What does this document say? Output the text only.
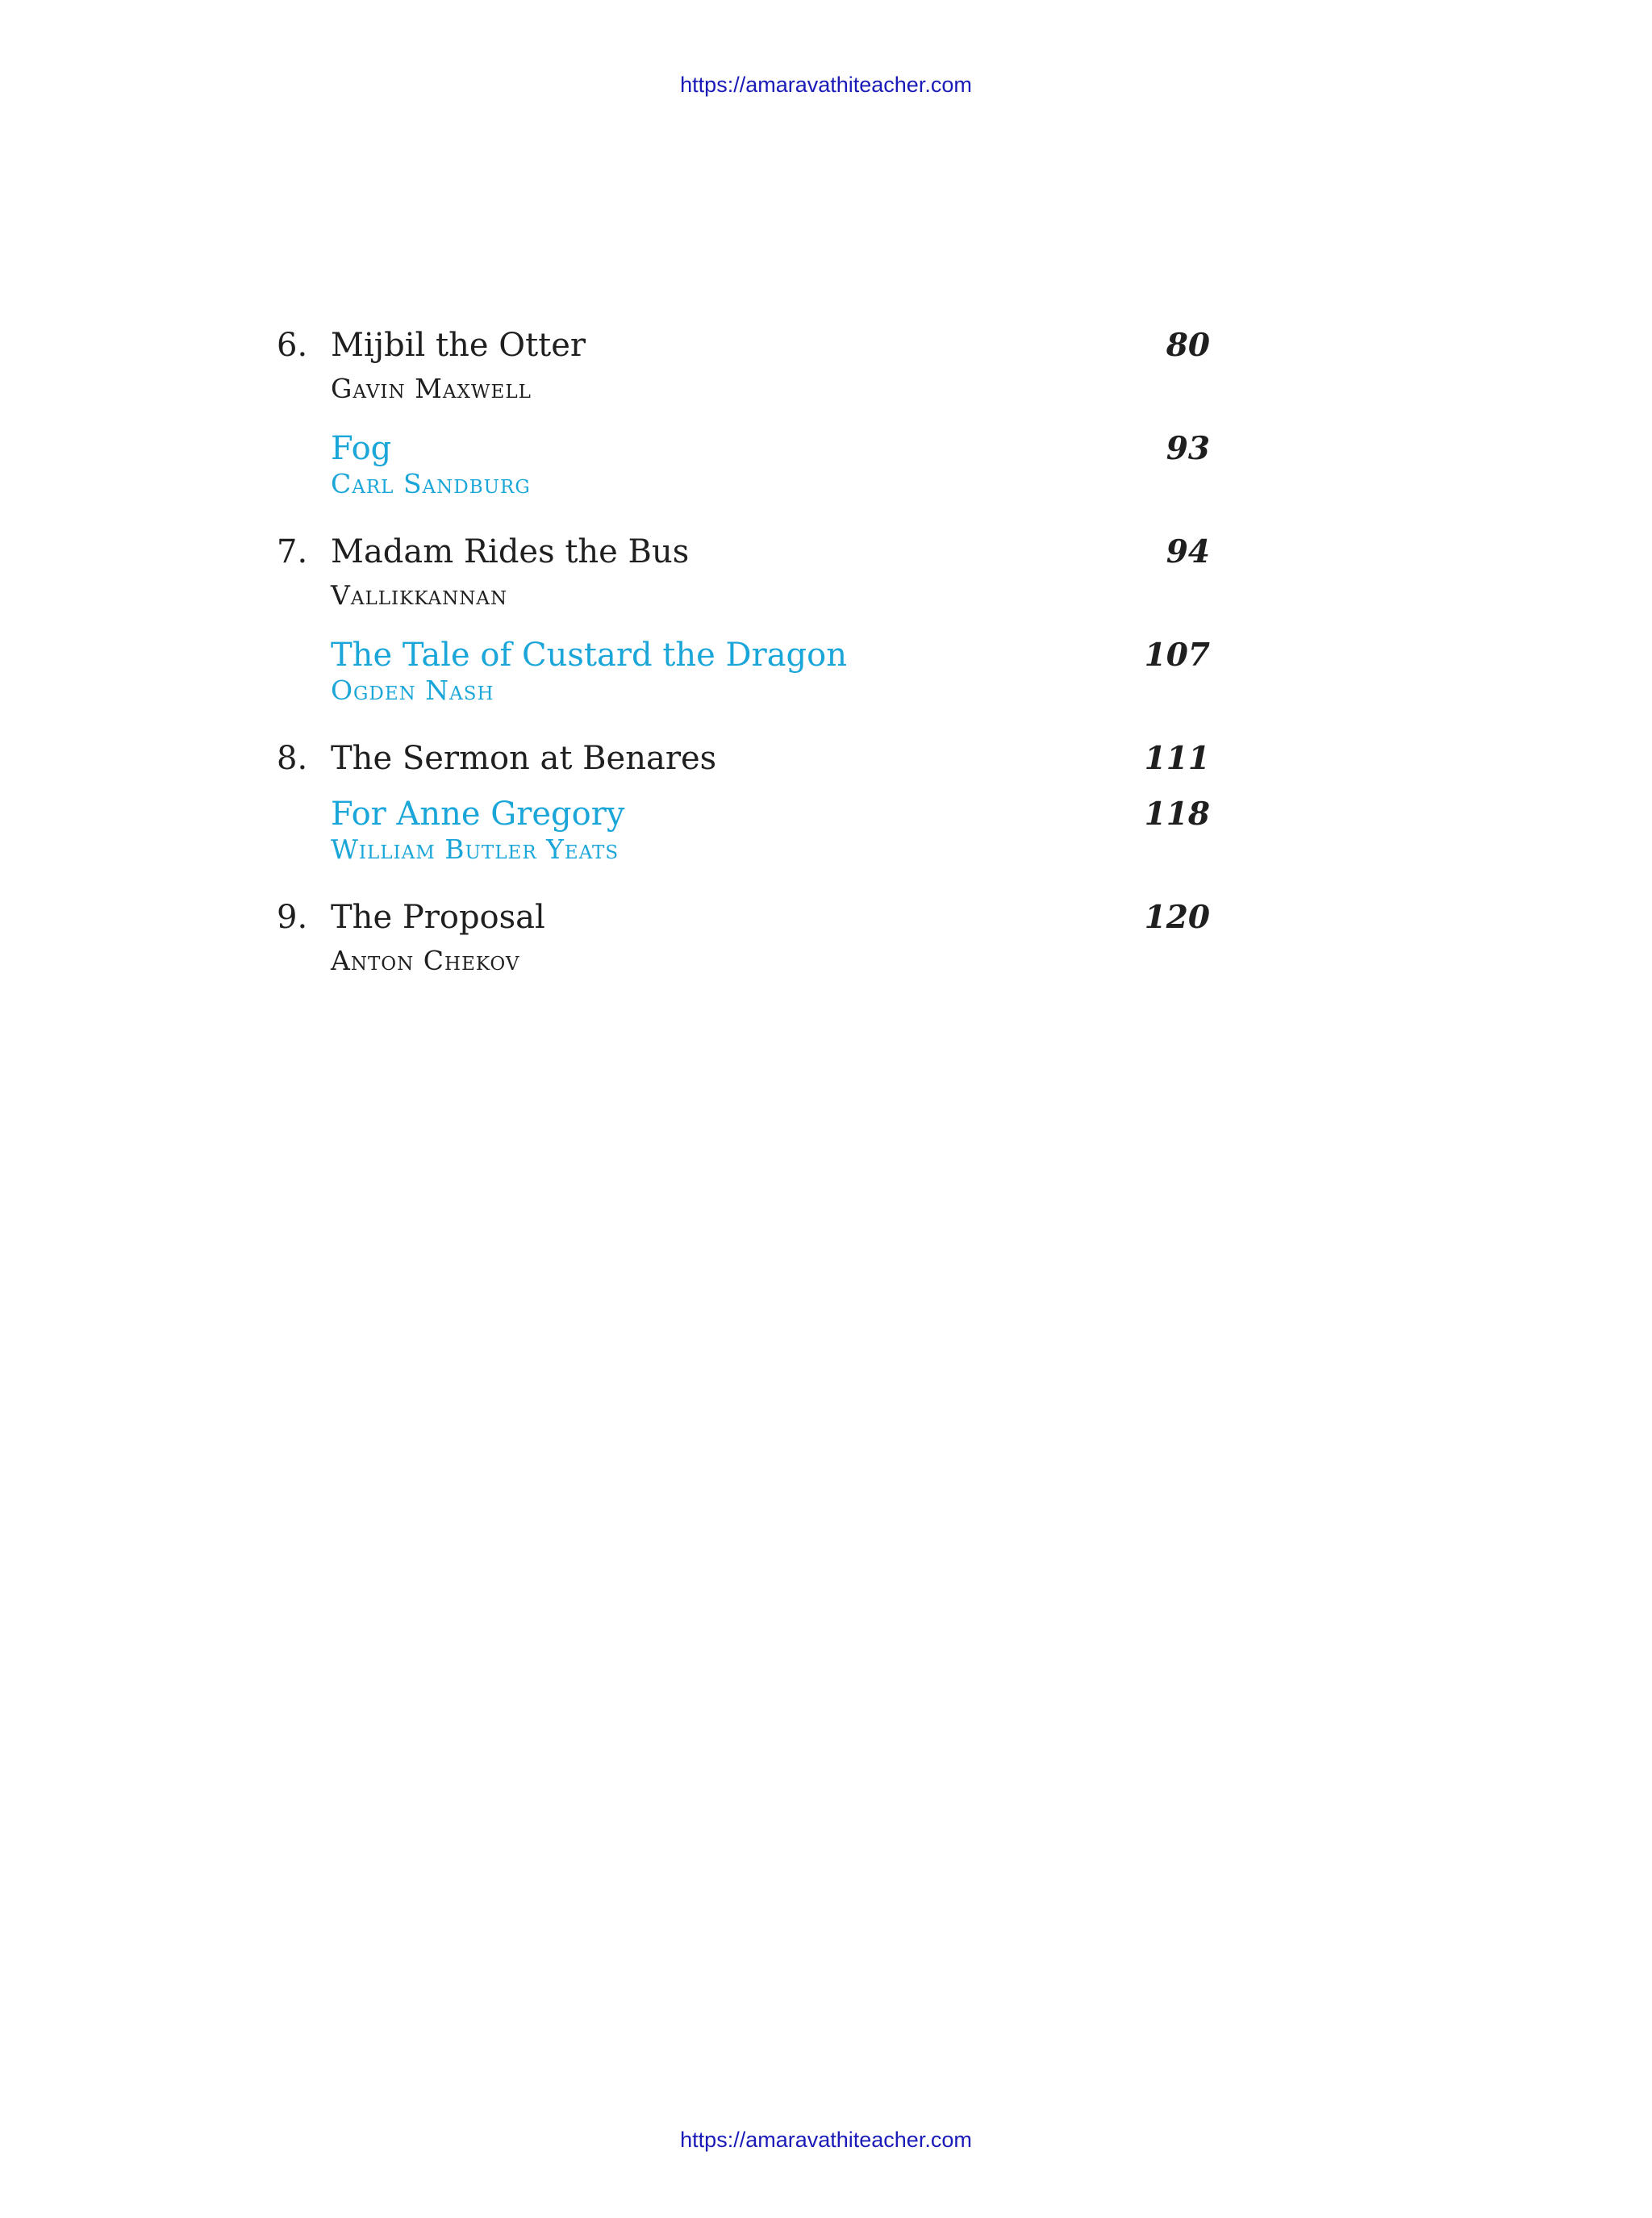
https://amaravathiteacher.com
6. Mijbil the Otter	80
Gavin Maxwell
Fog	93
Carl Sandburg
7. Madam Rides the Bus	94
Vallikkannan
The Tale of Custard the Dragon	107
Ogden Nash
8. The Sermon at Benares	111
For Anne Gregory	118
William Butler Yeats
9. The Proposal	120
Anton Chekov
https://amaravathiteacher.com
